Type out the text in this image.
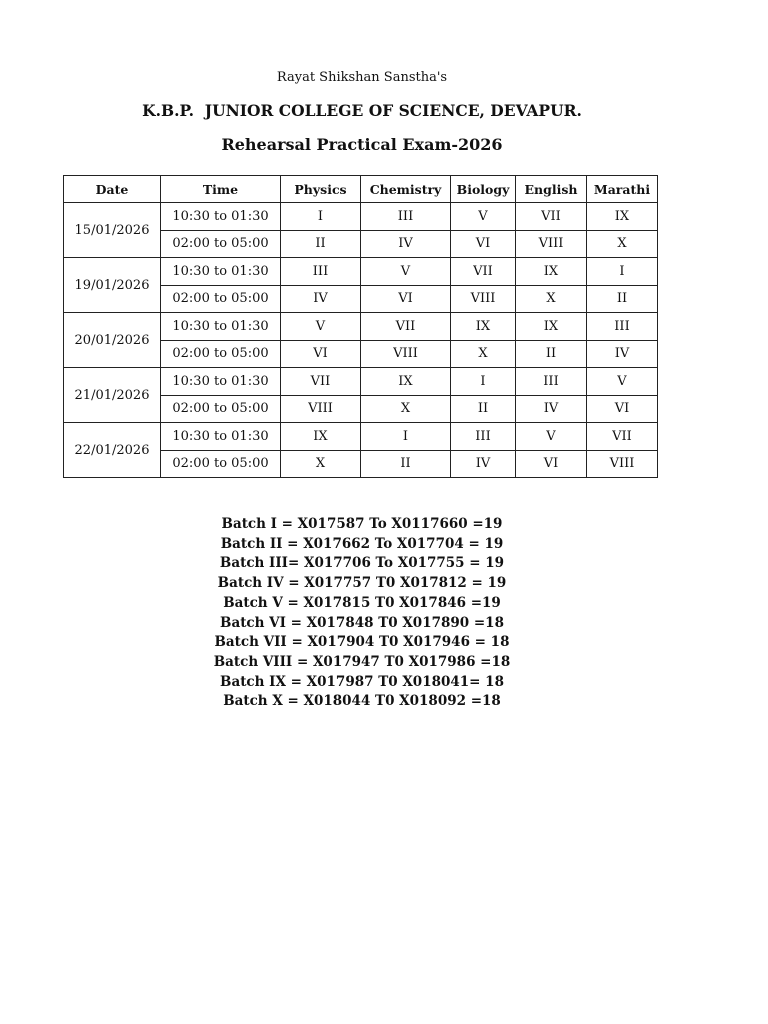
Rayat Shikshan Sanstha's
K.B.P.  JUNIOR COLLEGE OF SCIENCE, DEVAPUR.
Rehearsal Practical Exam-2026
Date	Time	Physics	Chemistry	Biology	English	Marathi
15/01/2026	10:30 to 01:30	I	III	V	VII	IX
	02:00 to 05:00	II	IV	VI	VIII	X
19/01/2026	10:30 to 01:30	III	V	VII	IX	I
	02:00 to 05:00	IV	VI	VIII	X	II
20/01/2026	10:30 to 01:30	V	VII	IX	IX	III
	02:00 to 05:00	VI	VIII	X	II	IV
21/01/2026	10:30 to 01:30	VII	IX	I	III	V
	02:00 to 05:00	VIII	X	II	IV	VI
22/01/2026	10:30 to 01:30	IX	I	III	V	VII
	02:00 to 05:00	X	II	IV	VI	VIII
Batch I = X017587 To X0117660 =19
Batch II = X017662 To X017704 = 19
Batch III= X017706 To X017755 = 19
Batch IV = X017757 T0 X017812 = 19
Batch V = X017815 T0 X017846 =19
Batch VI = X017848 T0 X017890 =18
Batch VII = X017904 T0 X017946 = 18
Batch VIII = X017947 T0 X017986 =18
Batch IX = X017987 T0 X018041= 18
Batch X = X018044 T0 X018092 =18
